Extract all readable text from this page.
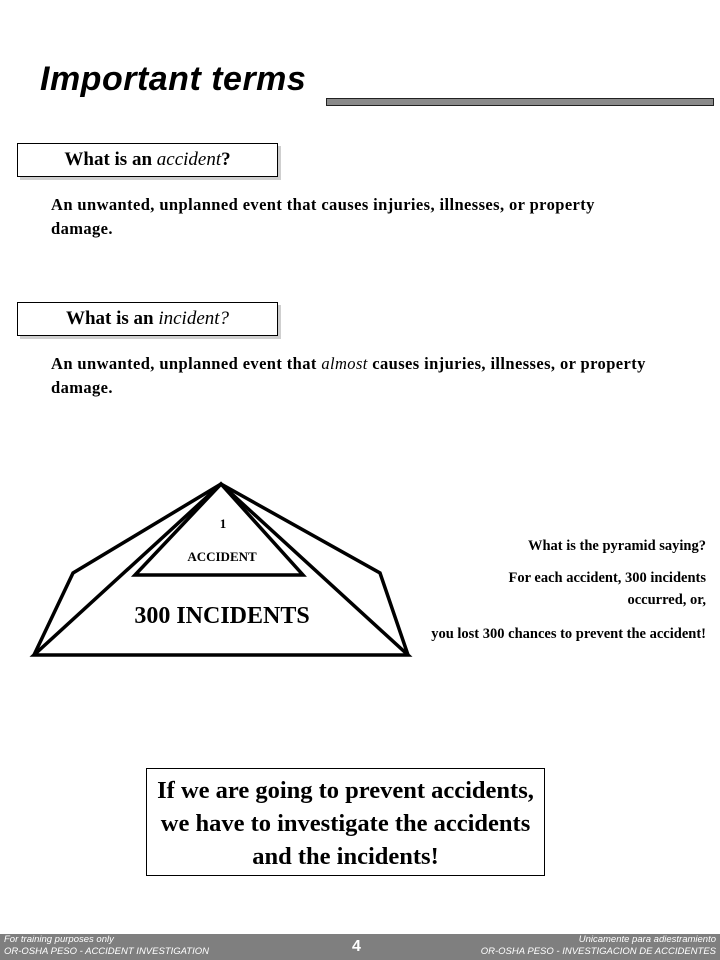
Important terms
What is an accident?
An unwanted, unplanned event that causes injuries, illnesses, or property damage.
What is an incident?
An unwanted, unplanned event that almost causes injuries, illnesses, or property damage.
1
ACCIDENT
300 INCIDENTS
What is the pyramid saying?
For each accident, 300 incidents occurred, or,
you lost 300 chances to prevent the accident!
If we are going to prevent accidents, we have to investigate the accidents and the incidents!
For training purposes only
OR-OSHA PESO - ACCIDENT INVESTIGATION	4	Unicamente para adiestramiento
OR-OSHA PESO - INVESTIGACION DE ACCIDENTES
